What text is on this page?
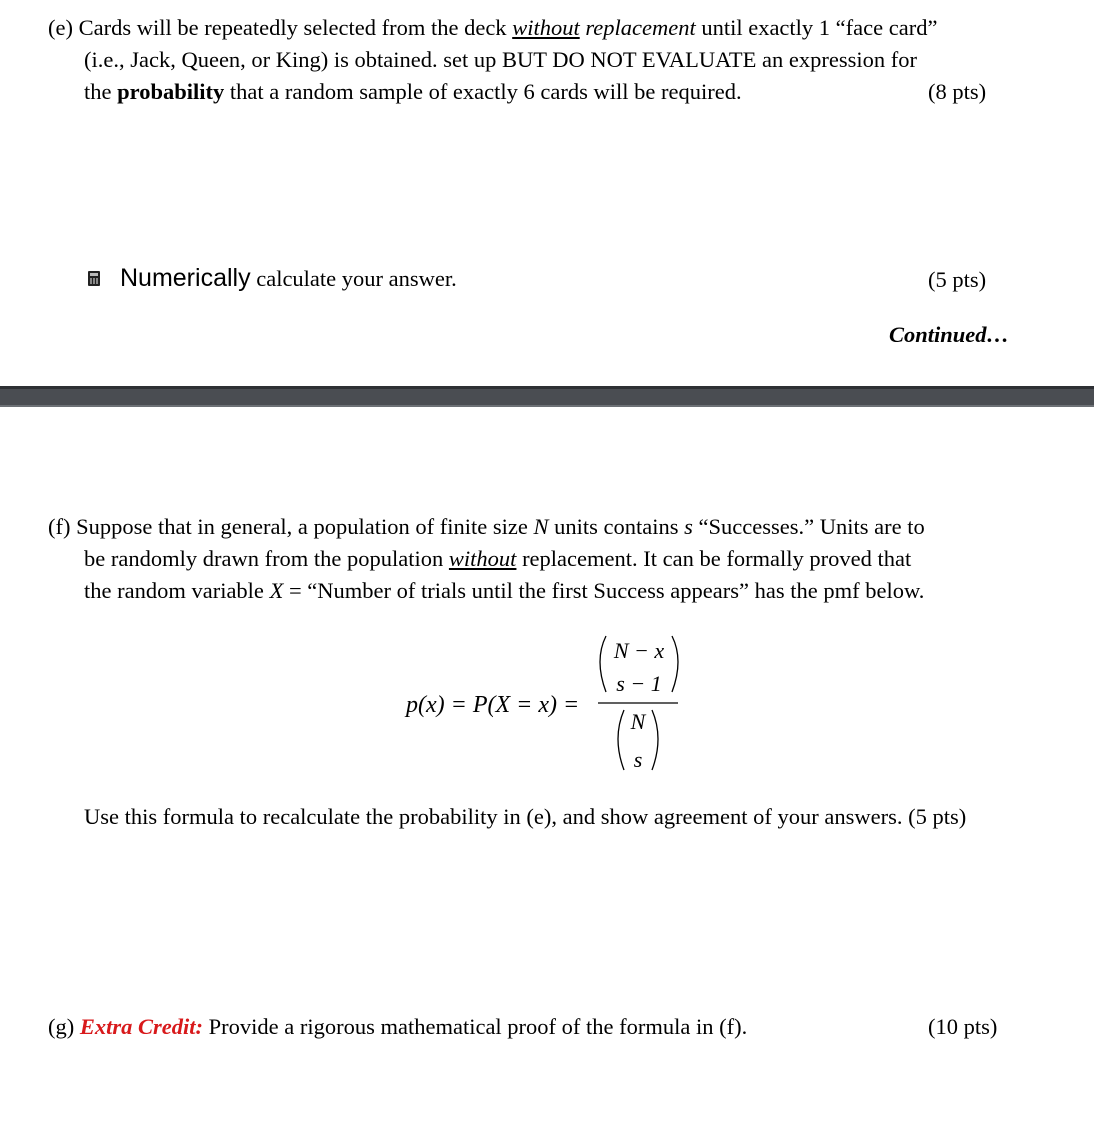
(e) Cards will be repeatedly selected from the deck without replacement until exactly 1 “face card”
(i.e., Jack, Queen, or King) is obtained. set up BUT DO NOT EVALUATE an expression for
the probability that a random sample of exactly 6 cards will be required.	(8 pts)
Numerically calculate your answer.	(5 pts)
Continued…
(f) Suppose that in general, a population of finite size N units contains s “Successes.” Units are to
be randomly drawn from the population without replacement. It can be formally proved that
the random variable X = “Number of trials until the first Success appears” has the pmf below.
p(x) = P(X = x) =
N − x
s − 1
N
s
Use this formula to recalculate the probability in (e), and show agreement of your answers. (5 pts)
(g) Extra Credit: Provide a rigorous mathematical proof of the formula in (f).	(10 pts)
